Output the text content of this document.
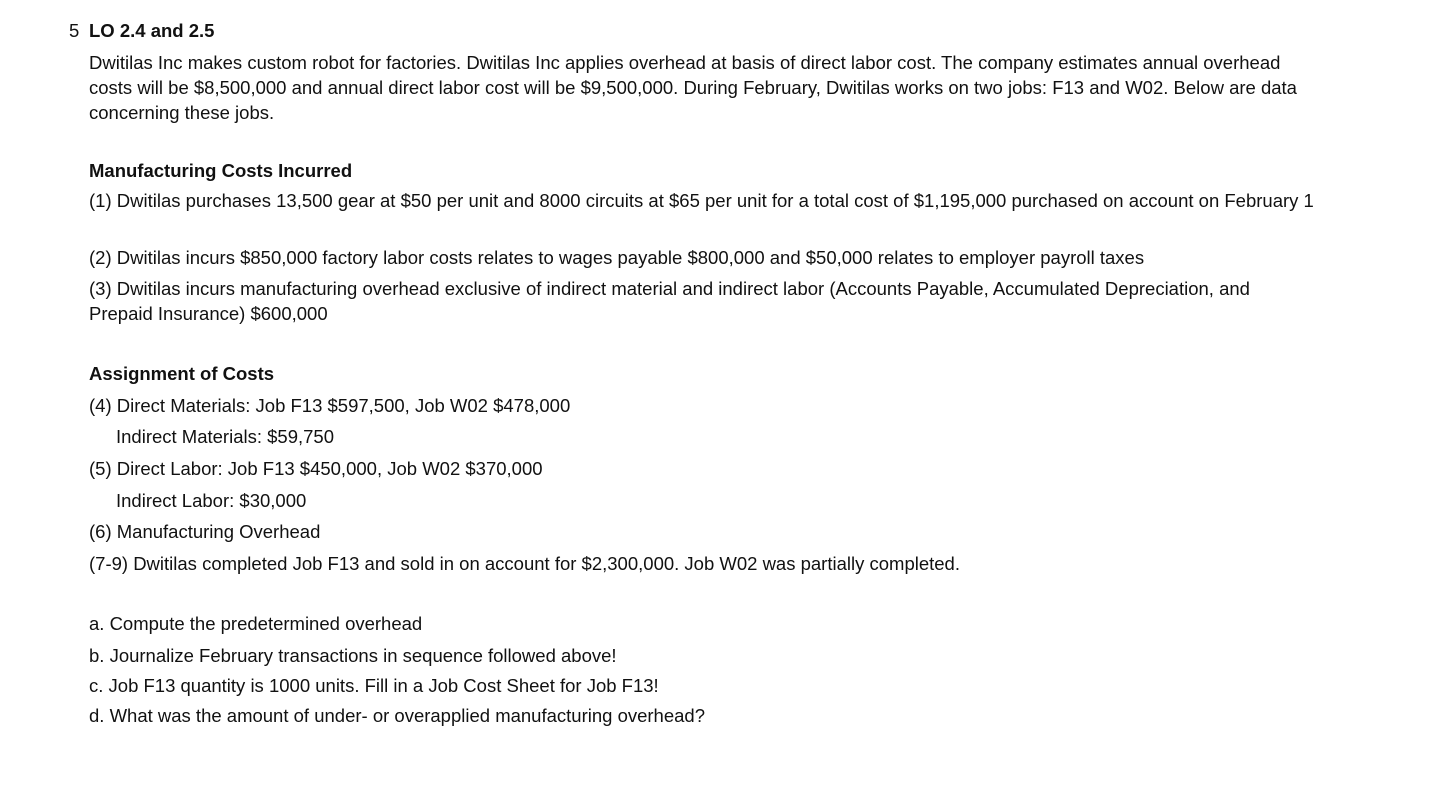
5 LO 2.4 and 2.5
Dwitilas Inc makes custom robot for factories. Dwitilas Inc applies overhead at basis of direct labor cost. The company estimates annual overhead costs will be $8,500,000 and annual direct labor cost will be $9,500,000. During February, Dwitilas works on two jobs: F13 and W02. Below are data concerning these jobs.
Manufacturing Costs Incurred
(1) Dwitilas purchases 13,500 gear at $50 per unit and 8000 circuits at $65 per unit for a total cost of $1,195,000 purchased on account on February 1
(2) Dwitilas incurs $850,000 factory labor costs relates to wages payable $800,000 and $50,000 relates to employer payroll taxes
(3) Dwitilas incurs manufacturing overhead exclusive of indirect material and indirect labor (Accounts Payable, Accumulated Depreciation, and Prepaid Insurance) $600,000
Assignment of Costs
(4) Direct Materials: Job F13 $597,500, Job W02 $478,000
Indirect Materials: $59,750
(5) Direct Labor: Job F13 $450,000, Job W02 $370,000
Indirect Labor: $30,000
(6) Manufacturing Overhead
(7-9) Dwitilas completed Job F13 and sold in on account for $2,300,000. Job W02 was partially completed.
a. Compute the predetermined overhead
b. Journalize February transactions in sequence followed above!
c. Job F13 quantity is 1000 units. Fill in a Job Cost Sheet for Job F13!
d. What was the amount of under- or overapplied manufacturing overhead?
